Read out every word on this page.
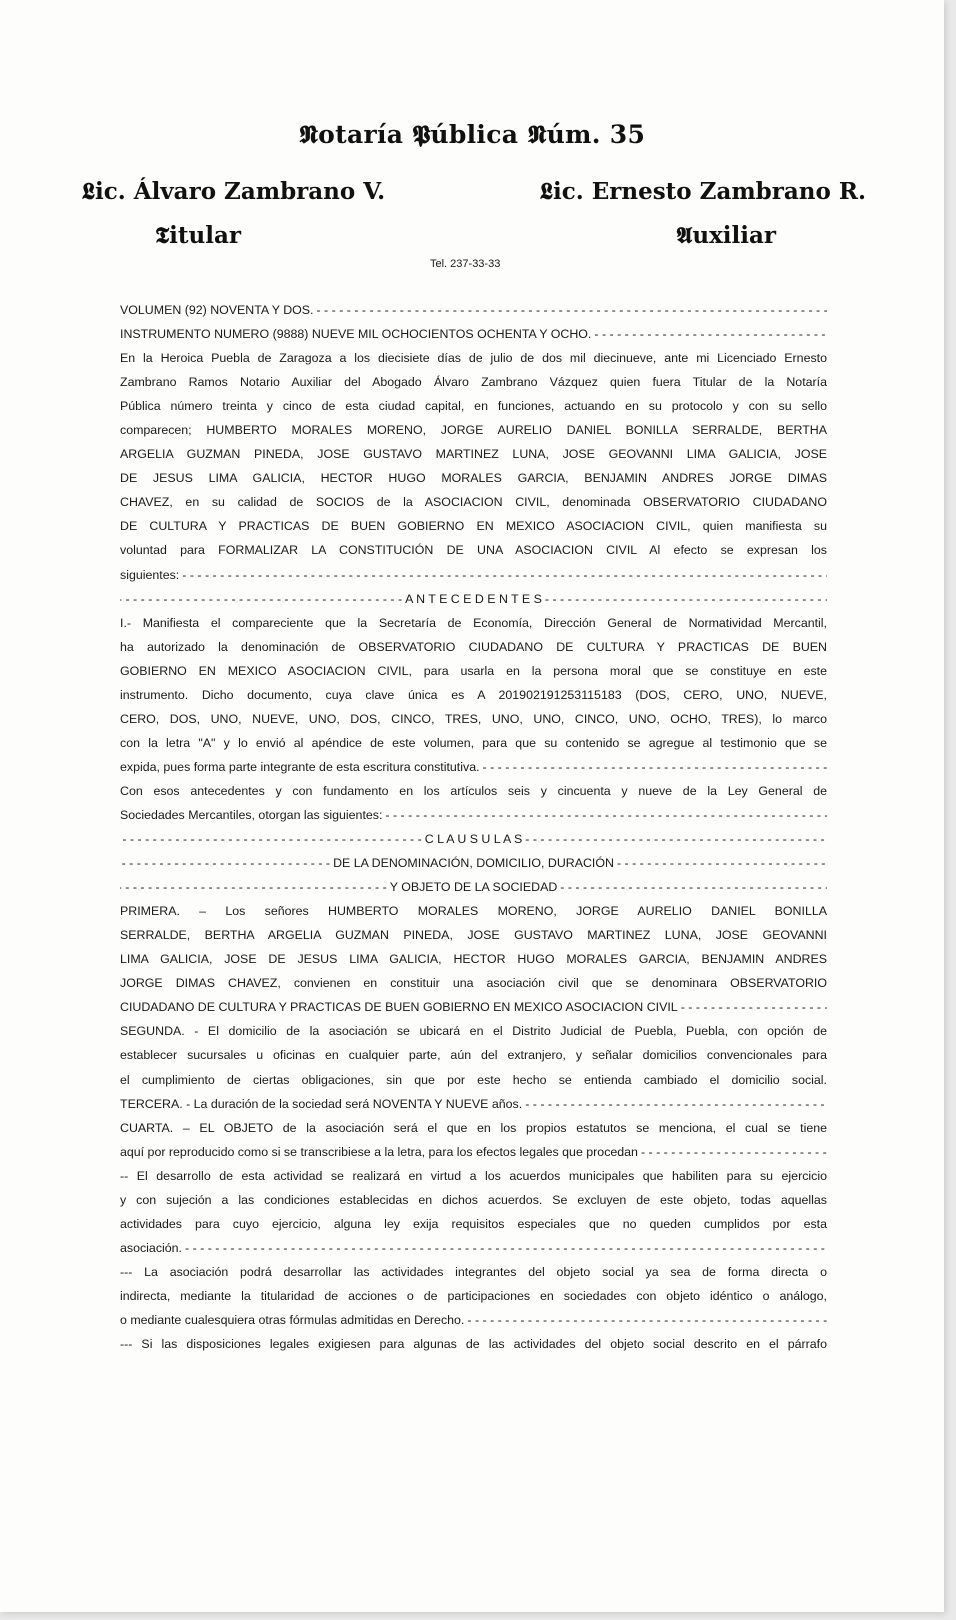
𝕹otaría 𝕻ública 𝕹úm. 35
𝕷ic. Álvaro Zambrano V.
𝕿itular
𝕷ic. Ernesto Zambrano R.
𝕬uxiliar
Tel. 237-33-33
VOLUMEN (92) NOVENTA Y DOS.
- - -
INSTRUMENTO NUMERO (9888) NUEVE MIL OCHOCIENTOS OCHENTA Y OCHO.
- - -
En la Heroica Puebla de Zaragoza a los diecisiete días de julio de dos mil diecinueve, ante mi Licenciado Ernesto
Zambrano Ramos Notario Auxiliar del Abogado Álvaro Zambrano Vázquez quien fuera Titular de la Notaría
Pública número treinta y cinco de esta ciudad capital, en funciones, actuando en su protocolo y con su sello
comparecen; HUMBERTO MORALES MORENO, JORGE AURELIO DANIEL BONILLA SERRALDE, BERTHA
ARGELIA GUZMAN PINEDA, JOSE GUSTAVO MARTINEZ LUNA, JOSE GEOVANNI LIMA GALICIA, JOSE
DE JESUS LIMA GALICIA, HECTOR HUGO MORALES GARCIA, BENJAMIN ANDRES JORGE DIMAS
CHAVEZ, en su calidad de SOCIOS de la ASOCIACION CIVIL, denominada OBSERVATORIO CIUDADANO
DE CULTURA Y PRACTICAS DE BUEN GOBIERNO EN MEXICO ASOCIACION CIVIL, quien manifiesta su
voluntad para FORMALIZAR LA CONSTITUCIÓN DE UNA ASOCIACION CIVIL Al efecto se expresan los
siguientes:
- - -
- - -
A N T E C E D E N T E S
- - -
I.- Manifiesta el compareciente que la Secretaría de Economía, Dirección General de Normatividad Mercantil,
ha autorizado la denominación de OBSERVATORIO CIUDADANO DE CULTURA Y PRACTICAS DE BUEN
GOBIERNO EN MEXICO ASOCIACION CIVIL, para usarla en la persona moral que se constituye en este
instrumento. Dicho documento, cuya clave única es A 201902191253115183 (DOS, CERO, UNO, NUEVE,
CERO, DOS, UNO, NUEVE, UNO, DOS, CINCO, TRES, UNO, UNO, CINCO, UNO, OCHO, TRES), lo marco
con la letra "A" y lo envió al apéndice de este volumen, para que su contenido se agregue al testimonio que se
expida, pues forma parte integrante de esta escritura constitutiva.
- - -
Con esos antecedentes y con fundamento en los artículos seis y cincuenta y nueve de la Ley General de
Sociedades Mercantiles, otorgan las siguientes:
- - -
- - -
C L A U S U L A S
- - -
- - -
DE LA DENOMINACIÓN, DOMICILIO, DURACIÓN
- - -
- - -
Y OBJETO DE LA SOCIEDAD
- - -
PRIMERA. – Los señores HUMBERTO MORALES MORENO, JORGE AURELIO DANIEL BONILLA
SERRALDE, BERTHA ARGELIA GUZMAN PINEDA, JOSE GUSTAVO MARTINEZ LUNA, JOSE GEOVANNI
LIMA GALICIA, JOSE DE JESUS LIMA GALICIA, HECTOR HUGO MORALES GARCIA, BENJAMIN ANDRES
JORGE DIMAS CHAVEZ, convienen en constituir una asociación civil que se denominara OBSERVATORIO
CIUDADANO DE CULTURA Y PRACTICAS DE BUEN GOBIERNO EN MEXICO ASOCIACION CIVIL
- - -
SEGUNDA. - El domicilio de la asociación se ubicará en el Distrito Judicial de Puebla, Puebla, con opción de
establecer sucursales u oficinas en cualquier parte, aún del extranjero, y señalar domicilios convencionales para
el cumplimiento de ciertas obligaciones, sin que por este hecho se entienda cambiado el domicilio social.
TERCERA. - La duración de la sociedad será NOVENTA Y NUEVE años.
- - -
CUARTA. – EL OBJETO de la asociación será el que en los propios estatutos se menciona, el cual se tiene
aquí por reproducido como si se transcribiese a la letra, para los efectos legales que procedan
- - -
-- El desarrollo de esta actividad se realizará en virtud a los acuerdos municipales que habiliten para su ejercicio
y con sujeción a las condiciones establecidas en dichos acuerdos. Se excluyen de este objeto, todas aquellas
actividades para cuyo ejercicio, alguna ley exija requisitos especiales que no queden cumplidos por esta
asociación.
- - -
--- La asociación podrá desarrollar las actividades integrantes del objeto social ya sea de forma directa o
indirecta, mediante la titularidad de acciones o de participaciones en sociedades con objeto idéntico o análogo,
o mediante cualesquiera otras fórmulas admitidas en Derecho.
- - -
--- Si las disposiciones legales exigiesen para algunas de las actividades del objeto social descrito en el párrafo
